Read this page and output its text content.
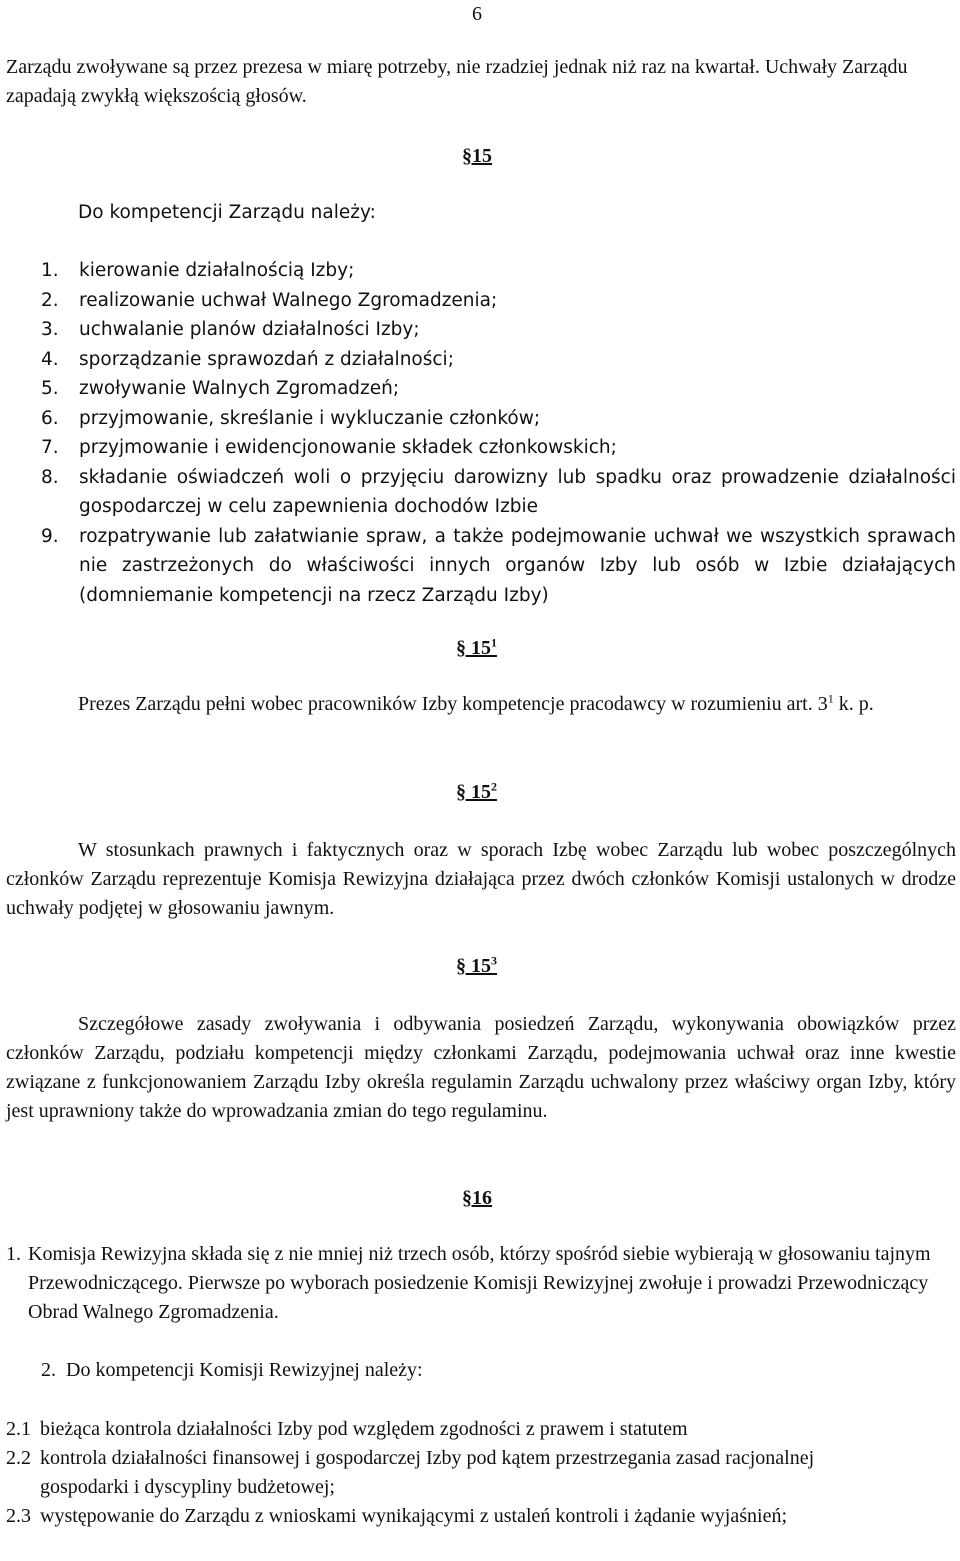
6
Zarządu zwoływane są przez prezesa w miarę potrzeby, nie rzadziej jednak niż raz na kwartał. Uchwały Zarządu zapadają zwykłą większością głosów.
§15
Do kompetencji Zarządu należy:
1. kierowanie działalnością Izby;
2. realizowanie uchwał Walnego Zgromadzenia;
3. uchwalanie planów działalności Izby;
4. sporządzanie sprawozdań z działalności;
5. zwoływanie Walnych Zgromadzeń;
6. przyjmowanie, skreślanie i wykluczanie członków;
7. przyjmowanie i ewidencjonowanie składek członkowskich;
8. składanie oświadczeń woli o przyjęciu darowizny lub spadku oraz prowadzenie działalności gospodarczej w celu zapewnienia dochodów Izbie
9. rozpatrywanie lub załatwianie spraw, a także podejmowanie uchwał we wszystkich sprawach nie zastrzeżonych do właściwości innych organów Izby lub osób w Izbie działających (domniemanie kompetencji na rzecz Zarządu Izby)
§ $15^1$
Prezes Zarządu pełni wobec pracowników Izby kompetencje pracodawcy w rozumieniu art. $3^1$ k. p.
§ $15^2$
W stosunkach prawnych i faktycznych oraz w sporach Izbę wobec Zarządu lub wobec poszczególnych członków Zarządu reprezentuje Komisja Rewizyjna działająca przez dwóch członków Komisji ustalonych w drodze uchwały podjętej w głosowaniu jawnym.
§ $15^3$
Szczegółowe zasady zwoływania i odbywania posiedzeń Zarządu, wykonywania obowiązków przez członków Zarządu, podziału kompetencji między członkami Zarządu, podejmowania uchwał oraz inne kwestie związane z funkcjonowaniem Zarządu Izby określa regulamin Zarządu uchwalony przez właściwy organ Izby, który jest uprawniony także do wprowadzania zmian do tego regulaminu.
§16
1. Komisja Rewizyjna składa się z nie mniej niż trzech osób, którzy spośród siebie wybierają w głosowaniu tajnym Przewodniczącego. Pierwsze po wyborach posiedzenie Komisji Rewizyjnej zwołuje i prowadzi Przewodniczący Obrad Walnego Zgromadzenia.
2. Do kompetencji Komisji Rewizyjnej należy:
2.1 bieżąca kontrola działalności Izby pod względem zgodności z prawem i statutem
2.2 kontrola działalności finansowej i gospodarczej Izby pod kątem przestrzegania zasad racjonalnej gospodarki i dyscypliny budżetowej;
2.3 występowanie do Zarządu z wnioskami wynikającymi z ustaleń kontroli i żądanie wyjaśnień;
